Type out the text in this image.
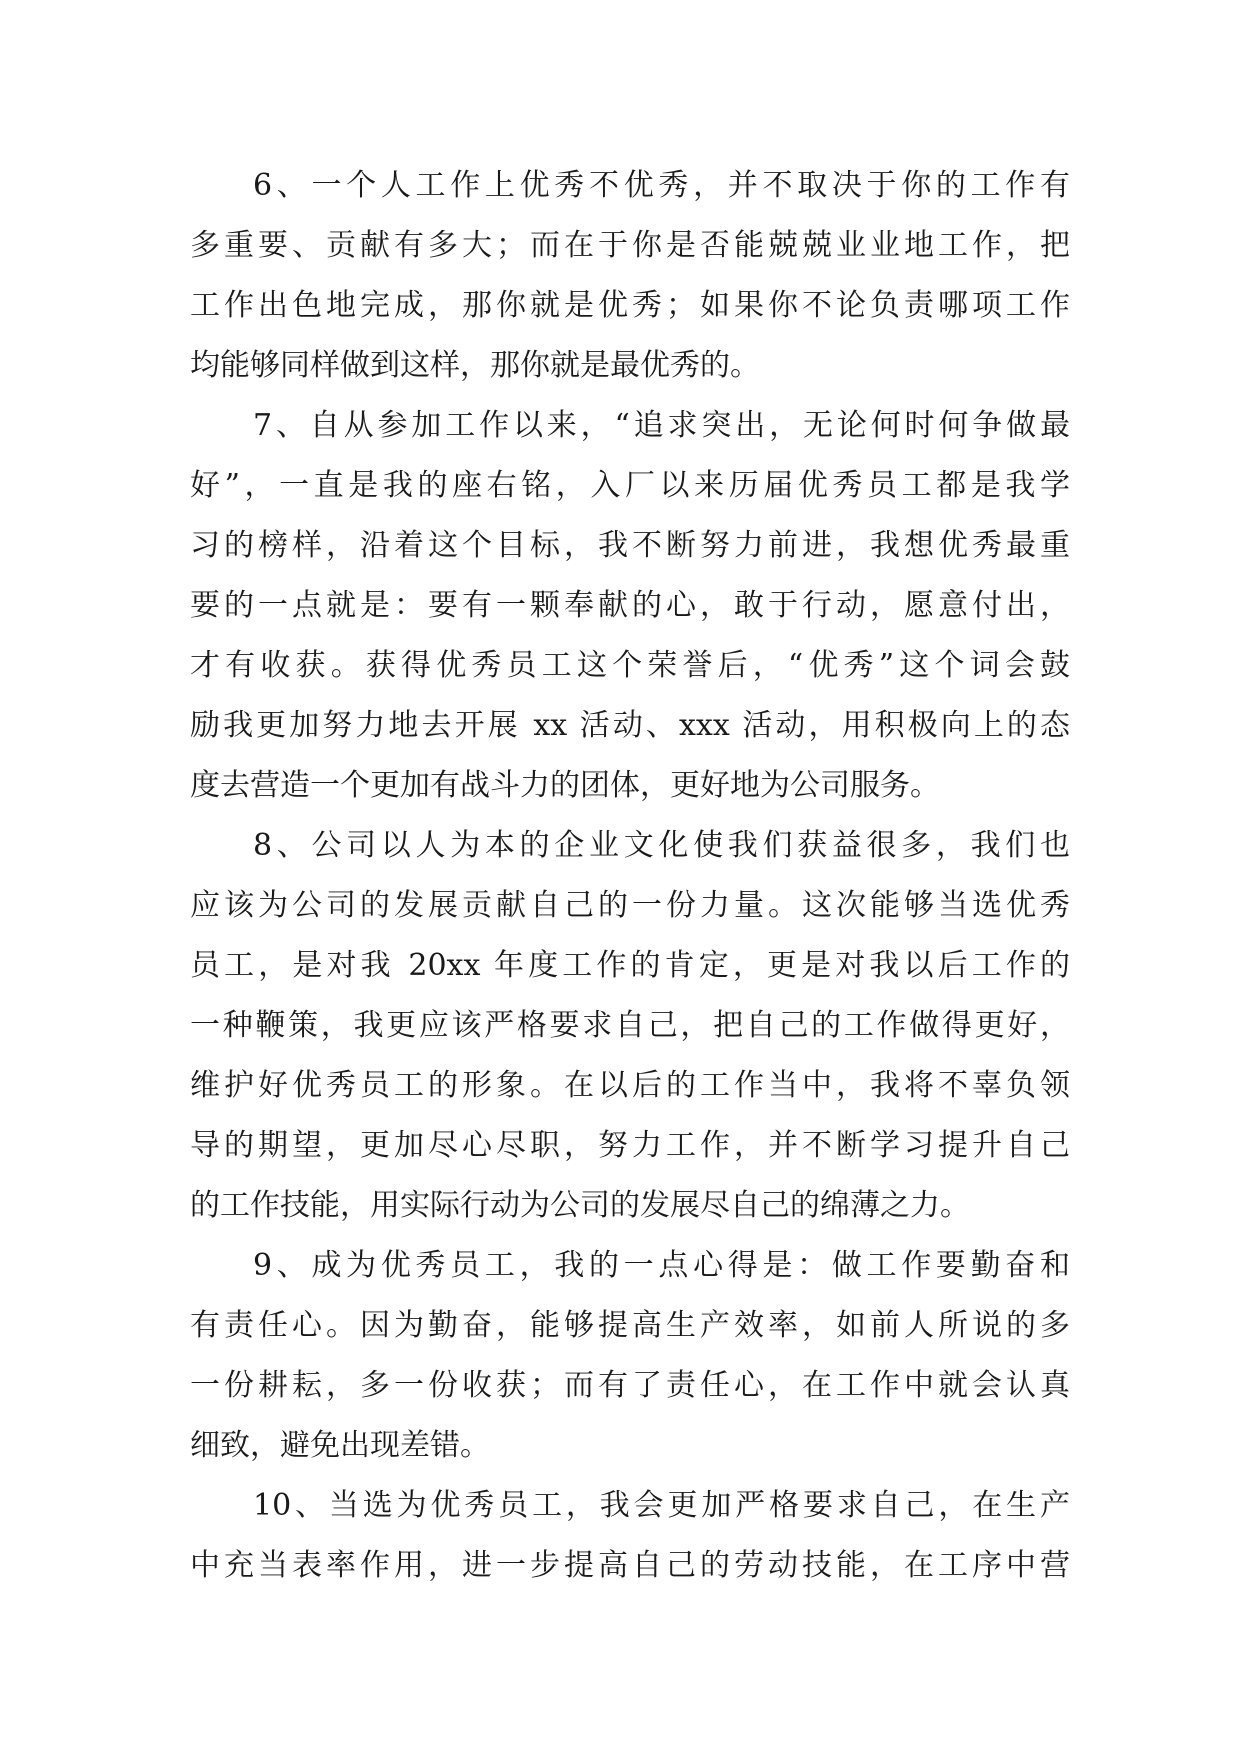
6、一个人工作上优秀不优秀，并不取决于你的工作有
多重要、贡献有多大；而在于你是否能兢兢业业地工作，把
工作出色地完成，那你就是优秀；如果你不论负责哪项工作
均能够同样做到这样，那你就是最优秀的。
7、自从参加工作以来，“追求突出，无论何时何争做最
好”，一直是我的座右铭，入厂以来历届优秀员工都是我学
习的榜样，沿着这个目标，我不断努力前进，我想优秀最重
要的一点就是：要有一颗奉献的心，敢于行动，愿意付出，
才有收获。获得优秀员工这个荣誉后，“优秀”这个词会鼓
励我更加努力地去开展 xx 活动、xxx 活动，用积极向上的态
度去营造一个更加有战斗力的团体，更好地为公司服务。
8、公司以人为本的企业文化使我们获益很多，我们也
应该为公司的发展贡献自己的一份力量。这次能够当选优秀
员工，是对我 20xx 年度工作的肯定，更是对我以后工作的
一种鞭策，我更应该严格要求自己，把自己的工作做得更好，
维护好优秀员工的形象。在以后的工作当中，我将不辜负领
导的期望，更加尽心尽职，努力工作，并不断学习提升自己
的工作技能，用实际行动为公司的发展尽自己的绵薄之力。
9、成为优秀员工，我的一点心得是：做工作要勤奋和
有责任心。因为勤奋，能够提高生产效率，如前人所说的多
一份耕耘，多一份收获；而有了责任心，在工作中就会认真
细致，避免出现差错。
10、当选为优秀员工，我会更加严格要求自己，在生产
中充当表率作用，进一步提高自己的劳动技能，在工序中营
